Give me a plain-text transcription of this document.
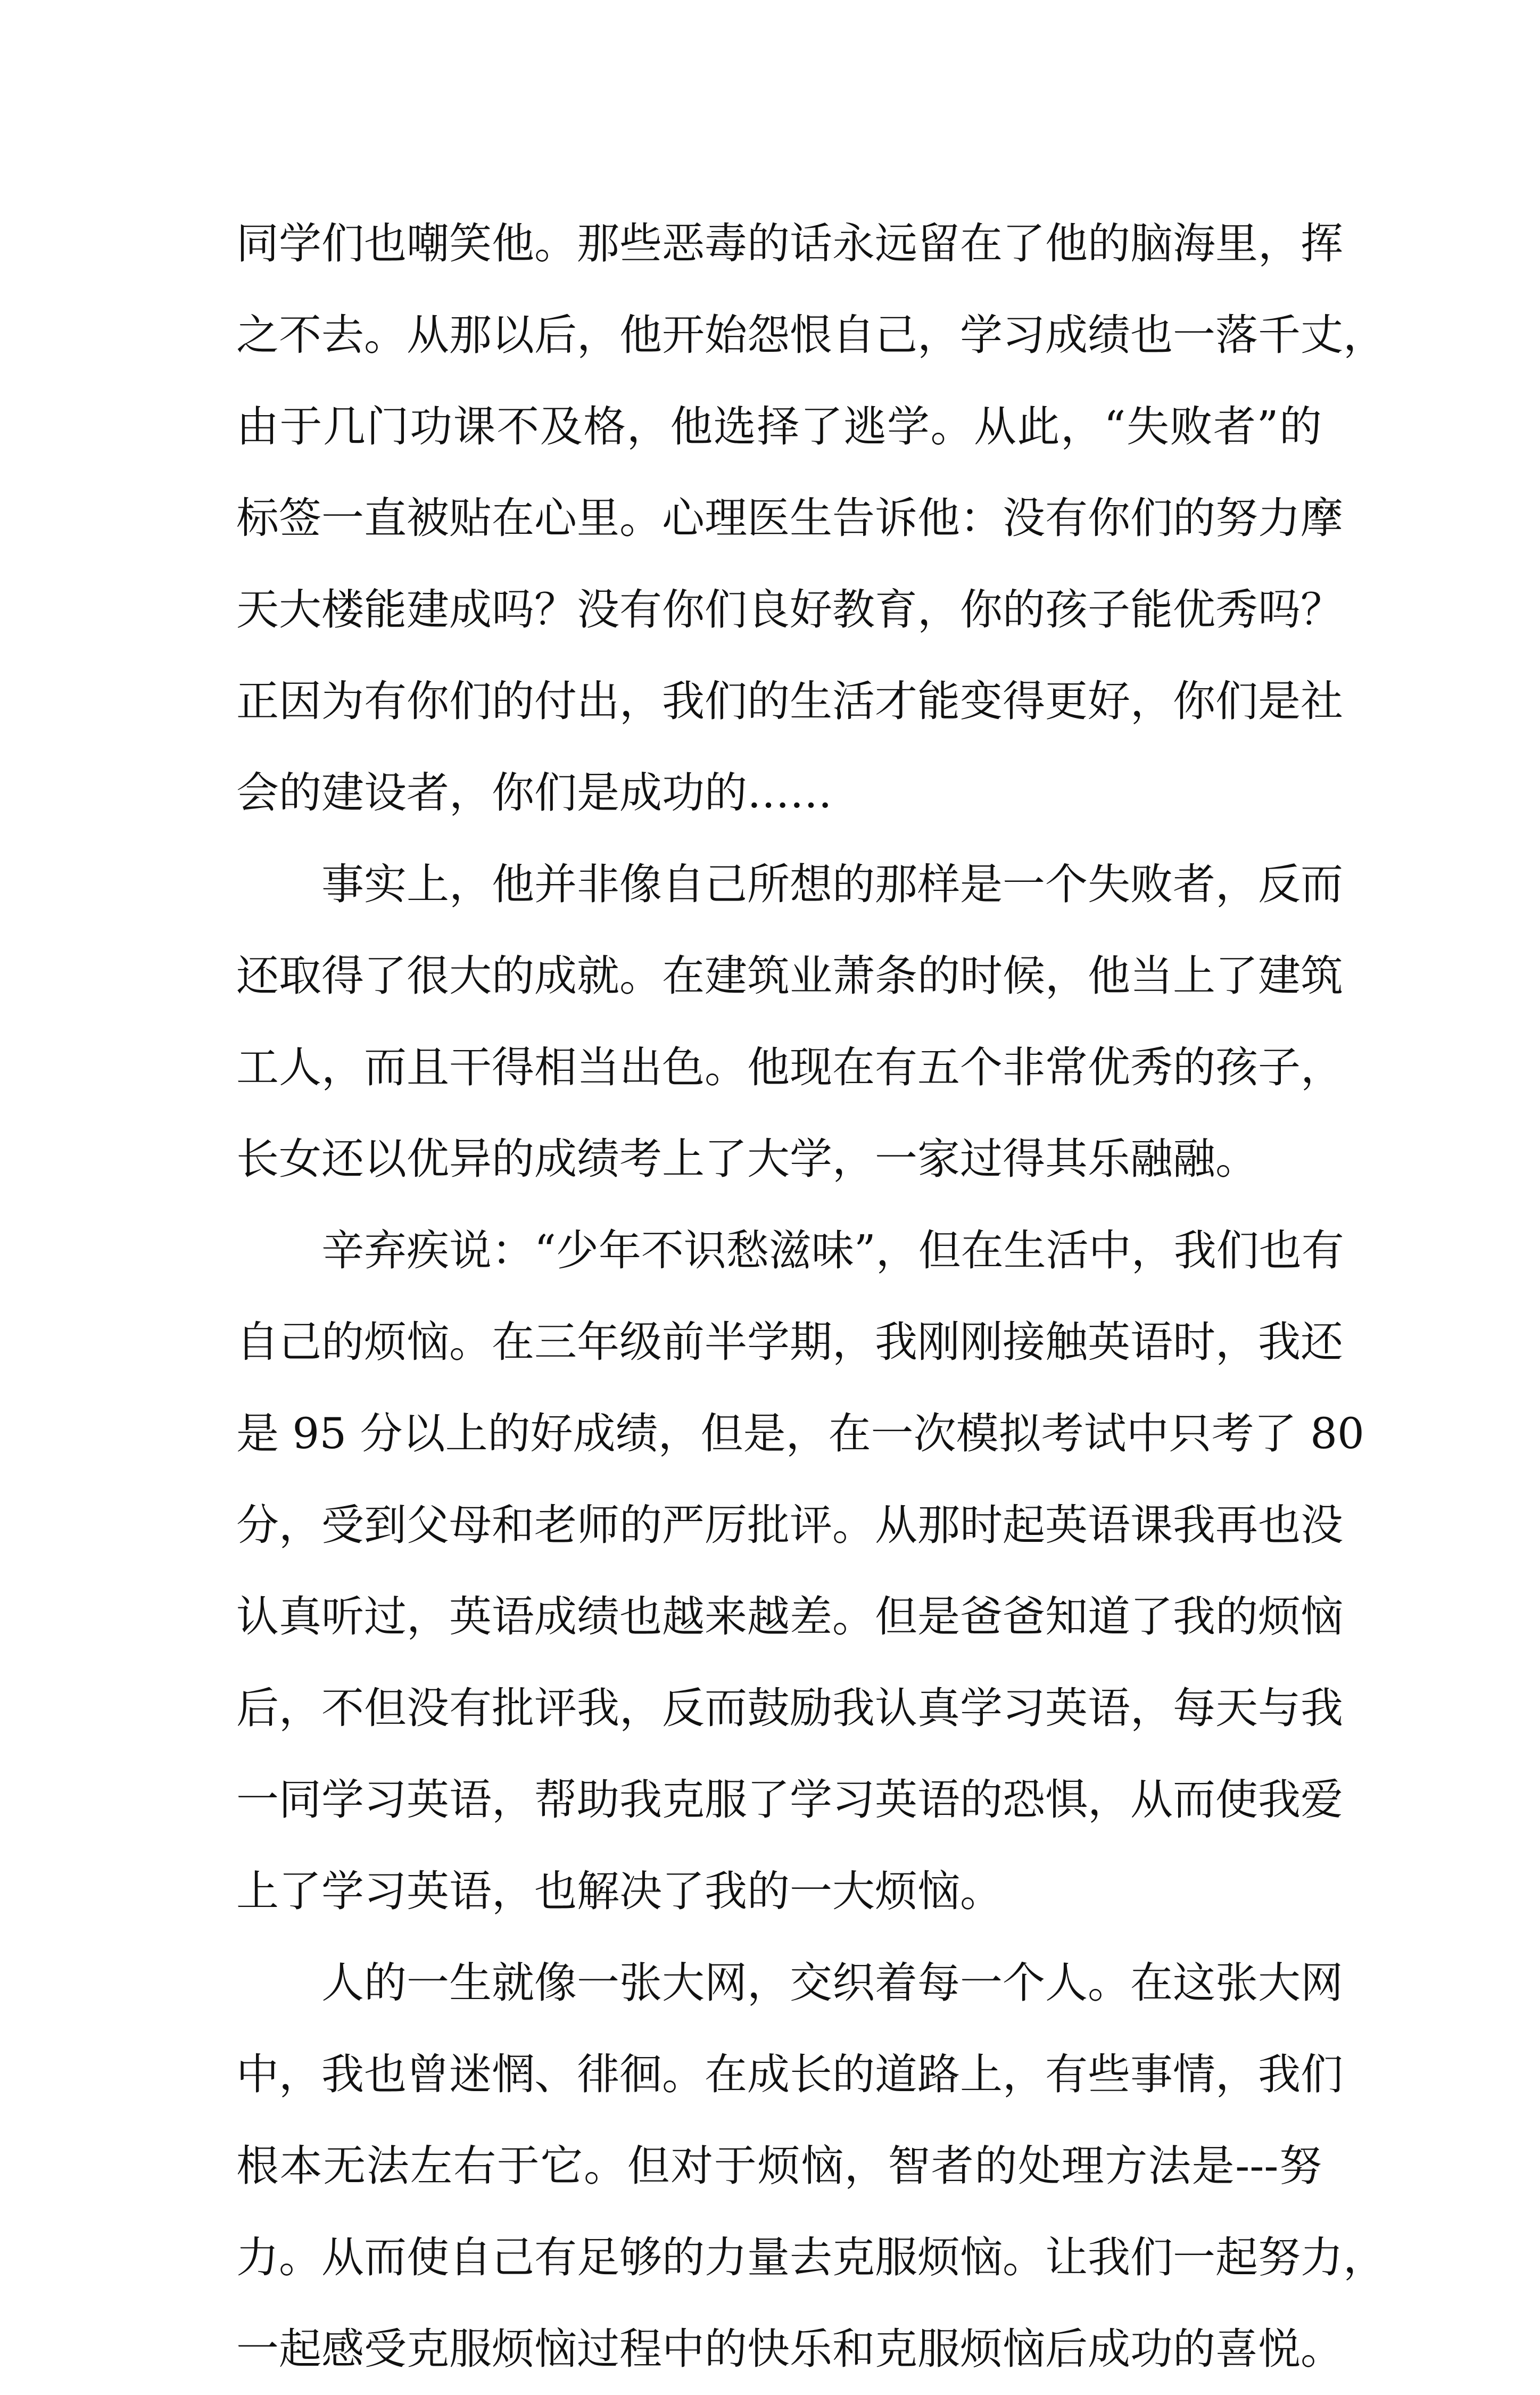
同学们也嘲笑他。那些恶毒的话永远留在了他的脑海里，挥
之不去。从那以后，他开始怨恨自己，学习成绩也一落千丈，
由于几门功课不及格，他选择了逃学。从此，“失败者”的
标签一直被贴在心里。心理医生告诉他：没有你们的努力摩
天大楼能建成吗？没有你们良好教育，你的孩子能优秀吗？
正因为有你们的付出，我们的生活才能变得更好，你们是社
会的建设者，你们是成功的……
事实上，他并非像自己所想的那样是一个失败者，反而
还取得了很大的成就。在建筑业萧条的时候，他当上了建筑
工人，而且干得相当出色。他现在有五个非常优秀的孩子，
长女还以优异的成绩考上了大学，一家过得其乐融融。
辛弃疾说：“少年不识愁滋味”，但在生活中，我们也有
自己的烦恼。在三年级前半学期，我刚刚接触英语时，我还
是 95 分以上的好成绩，但是，在一次模拟考试中只考了 80
分，受到父母和老师的严厉批评。从那时起英语课我再也没
认真听过，英语成绩也越来越差。但是爸爸知道了我的烦恼
后，不但没有批评我，反而鼓励我认真学习英语，每天与我
一同学习英语，帮助我克服了学习英语的恐惧，从而使我爱
上了学习英语，也解决了我的一大烦恼。
人的一生就像一张大网，交织着每一个人。在这张大网
中，我也曾迷惘、徘徊。在成长的道路上，有些事情，我们
根本无法左右于它。但对于烦恼，智者的处理方法是---努
力。从而使自己有足够的力量去克服烦恼。让我们一起努力，
一起感受克服烦恼过程中的快乐和克服烦恼后成功的喜悦。
